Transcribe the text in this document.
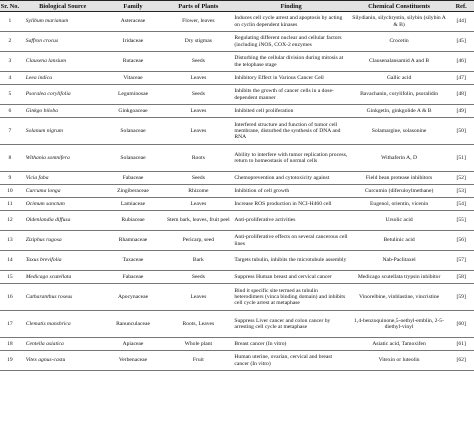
Sr. No.	Biological Source	Family	Parts of Plants	Finding	Chemical Constituents	Ref.
1	Sylibum marianum	Asteraceae	Flower, leaves	Induces cell cycle arrest and apoptosis by acting on cyclin dependent kinases	Silydianin, silychrystin, silybin (silybin A & B)	[44]
2	Saffron crocus	Iridaceae	Dry stigmas	Regulating different nuclear and cellular factors (including iNOS, COX-2 enzymes	Crocetin	[45]
3	Clausena lansium	Rutaceae	Seeds	Disturbing the cellular division during mitosis at the telophase stage	Clausenalansamid A and B	[46]
4	Leea indica	Vitaceae	Leaves	Inhibitory Effect in Various Cancer Cell	Gallic acid	[47]
5	Psoralea corylifolia	Leguminosae	Seeds	Inhibits the growth of cancer cells in a dose-dependent manner	Bavachanin, corylifolin, psoralidin	[48]
6	Ginkgo biloba	Ginkgoaceae	Leaves	Inhibited cell proliferation	Ginkgetin, ginkgolide A & B	[49]
7	Solanum nigrum	Solanaceae	Leaves	Interfered structure and function of tumor cell membrane, disturbed the synthesis of DNA and RNA	Solamargine, solasonine	[50]
8	Withania somnifera	Solanaceae	Roots	Ability to interfere with tumor replication process, return to homeostasis of normal cells	Withaferin A, D	[51]
9	Vicia faba	Fabaceae	Seeds	Chemoprevention and cytotoxicity against	Field bean protease inhibitors	[52]
10	Curcuma longa	Zingiberaceae	Rhizome	Inhibition of cell growth	Curcumin (diferuloylmethane)	[53]
11	Ocimum sanctum	Lamiaceae	Leaves	Increase ROS production in NCI-H460 cell	Eugenol, orientin, vicenin	[54]
12	Oldenlandia diffusa	Rubiaceae	Stem bark, leaves, fruit peel	Anti-proliferative activities	Ursolic acid	[55]
13	Ziziphus rugosa	Rhamnaceae	Pericarp, seed	Anti-proliferative effects on several cancerous cell lines	Betulinic acid	[56]
14	Taxus brevifolia	Taxaceae	Bark	Targets tubulin, inhibits the microtubule assembly	Nab-Paclitaxel	[57]
15	Medicago scutellata	Fabaceae	Seeds	Suppress Human breast and cervical cancer	Medicago scutellata trypsin inhibitor	[58]
16	Catharanthus roseus	Apocynaceae	Leaves	Bind it specific site termed as tubulin heterodimers (vinca binding domain) and inhibits cell cycle arrest at metaphase	Vinorelbine, vinblastine, vincristine	[59]
17	Clematis manshrica	Ranunculaceae	Roots, Leaves	Suppress Liver cancer and colon cancer by arresting cell cycle at metaphase	1,4-benzoquinone,5-oethyl-emblin, 2-5-diethyl-vinyl	[60]
18	Centella asiatica	Apiaceae	Whole plant	Breast cancer (In vitro)	Asiatic acid, Tamoxifen	[61]
19	Vitex agnus-castu	Verbenaceae	Fruit	Human uterine, ovarian, cervical and breast cancer (In vitro)	Vitexin or luteolin	[62]
